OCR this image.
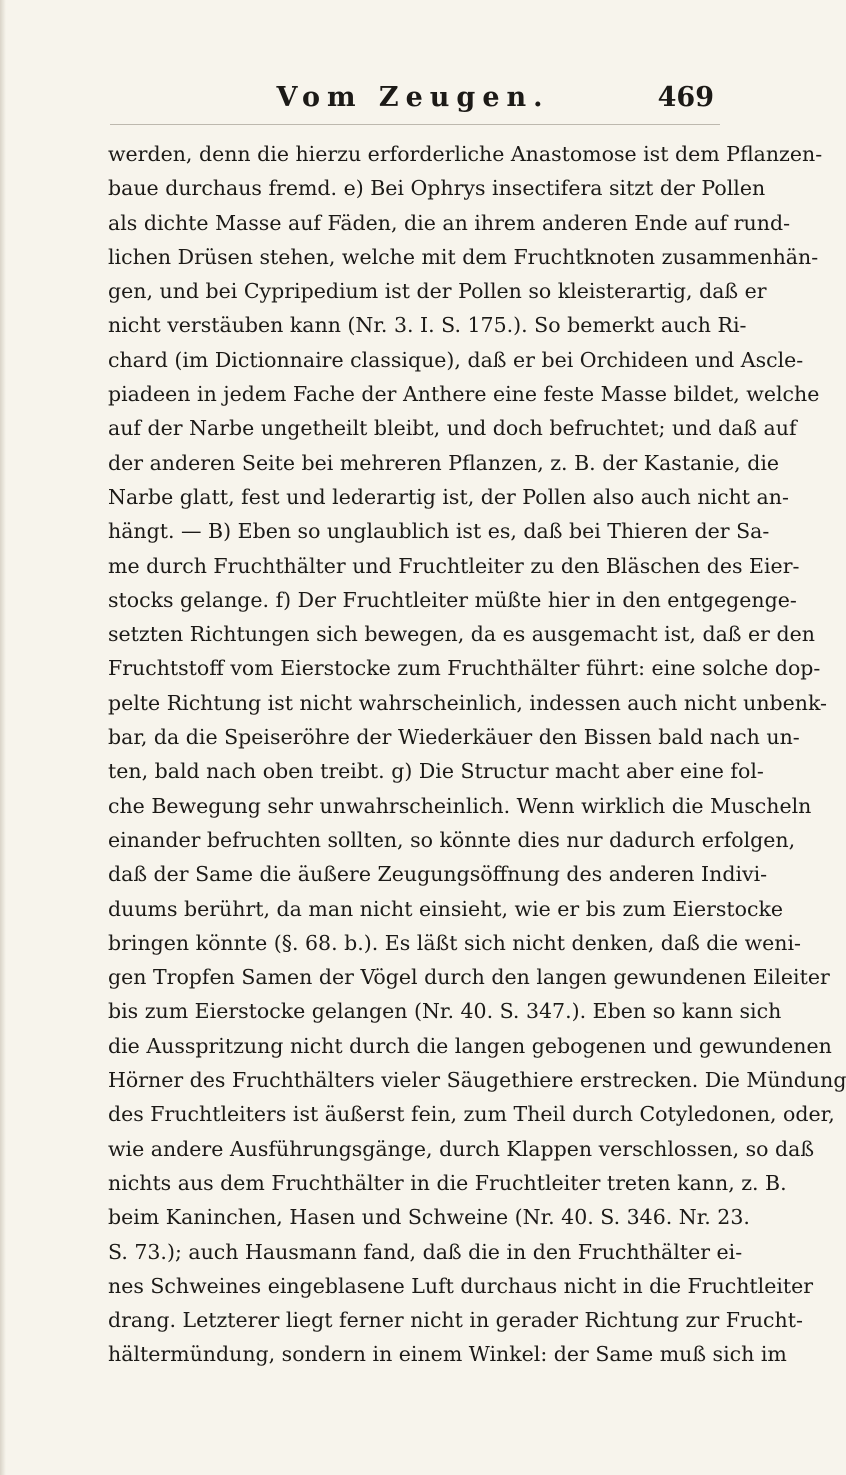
Vom Zeugen.	469
werden, denn die hierzu erforderliche Anastomose ist dem Pflanzen-
baue durchaus fremd. e) Bei Ophrys insectifera sitzt der Pollen
als dichte Masse auf Fäden, die an ihrem anderen Ende auf rund-
lichen Drüsen stehen, welche mit dem Fruchtknoten zusammenhän-
gen, und bei Cypripedium ist der Pollen so kleisterartig, daß er
nicht verstäuben kann (Nr. 3. I. S. 175.). So bemerkt auch Ri-
chard (im Dictionnaire classique), daß er bei Orchideen und Ascle-
piadeen in jedem Fache der Anthere eine feste Masse bildet, welche
auf der Narbe ungetheilt bleibt, und doch befruchtet; und daß auf
der anderen Seite bei mehreren Pflanzen, z. B. der Kastanie, die
Narbe glatt, fest und lederartig ist, der Pollen also auch nicht an-
hängt. — B) Eben so unglaublich ist es, daß bei Thieren der Sa-
me durch Fruchthälter und Fruchtleiter zu den Bläschen des Eier-
stocks gelange. f) Der Fruchtleiter müßte hier in den entgegenge-
setzten Richtungen sich bewegen, da es ausgemacht ist, daß er den
Fruchtstoff vom Eierstocke zum Fruchthälter führt: eine solche dop-
pelte Richtung ist nicht wahrscheinlich, indessen auch nicht unbenk-
bar, da die Speiseröhre der Wiederkäuer den Bissen bald nach un-
ten, bald nach oben treibt. g) Die Structur macht aber eine fol-
che Bewegung sehr unwahrscheinlich. Wenn wirklich die Muscheln
einander befruchten sollten, so könnte dies nur dadurch erfolgen,
daß der Same die äußere Zeugungsöffnung des anderen Indivi-
duums berührt, da man nicht einsieht, wie er bis zum Eierstocke
bringen könnte (§. 68. b.). Es läßt sich nicht denken, daß die weni-
gen Tropfen Samen der Vögel durch den langen gewundenen Eileiter
bis zum Eierstocke gelangen (Nr. 40. S. 347.). Eben so kann sich
die Ausspritzung nicht durch die langen gebogenen und gewundenen
Hörner des Fruchthälters vieler Säugethiere erstrecken. Die Mündung
des Fruchtleiters ist äußerst fein, zum Theil durch Cotyledonen, oder,
wie andere Ausführungsgänge, durch Klappen verschlossen, so daß
nichts aus dem Fruchthälter in die Fruchtleiter treten kann, z. B.
beim Kaninchen, Hasen und Schweine (Nr. 40. S. 346. Nr. 23.
S. 73.); auch Hausmann fand, daß die in den Fruchthälter ei-
nes Schweines eingeblasene Luft durchaus nicht in die Fruchtleiter
drang. Letzterer liegt ferner nicht in gerader Richtung zur Frucht-
hältermündung, sondern in einem Winkel: der Same muß sich im
